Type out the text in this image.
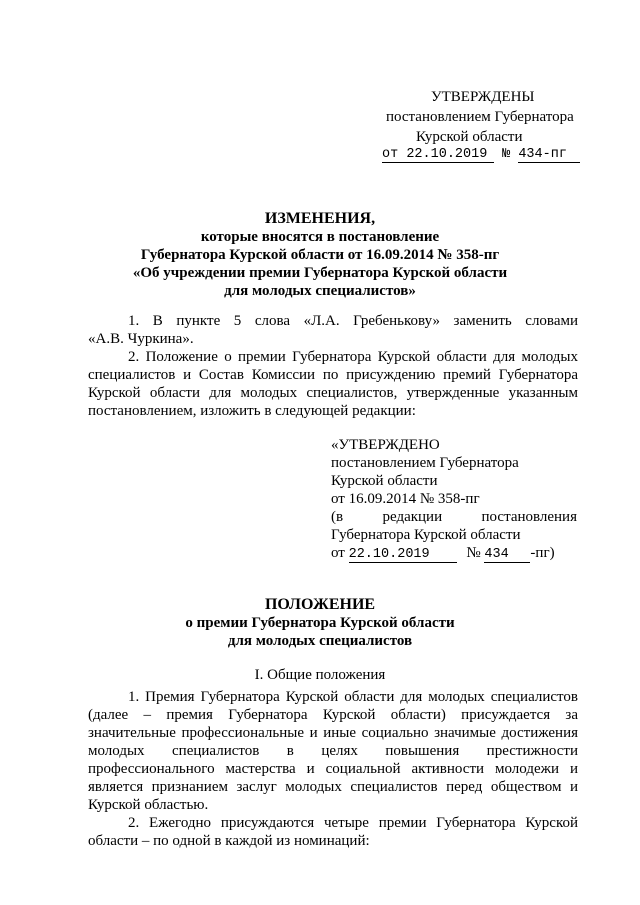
УТВЕРЖДЕНЫ
постановлением Губернатора
Курской области
от 22.10.2019 № 434-пг
ИЗМЕНЕНИЯ,
которые вносятся в постановление
Губернатора Курской области от 16.09.2014 № 358-пг
«Об учреждении премии Губернатора Курской области
для молодых специалистов»
1. В пункте 5 слова «Л.А. Гребенькову» заменить словами
«А.В. Чуркина».
2. Положение о премии Губернатора Курской области для молодых
специалистов и Состав Комиссии по присуждению премий Губернатора
Курской области для молодых специалистов, утвержденные указанным
постановлением, изложить в следующей редакции:
«УТВЕРЖДЕНО
постановлением Губернатора
Курской области
от 16.09.2014 № 358-пг
(в редакции постановления
Губернатора Курской области
от 22.10.2019 № 434 -пг)
ПОЛОЖЕНИЕ
о премии Губернатора Курской области
для молодых специалистов
I. Общие положения
1. Премия Губернатора Курской области для молодых специалистов
(далее – премия Губернатора Курской области) присуждается за
значительные профессиональные и иные социально значимые достижения
молодых специалистов в целях повышения престижности
профессионального мастерства и социальной активности молодежи и
является признанием заслуг молодых специалистов перед обществом и
Курской областью.
2. Ежегодно присуждаются четыре премии Губернатора Курской
области – по одной в каждой из номинаций:
